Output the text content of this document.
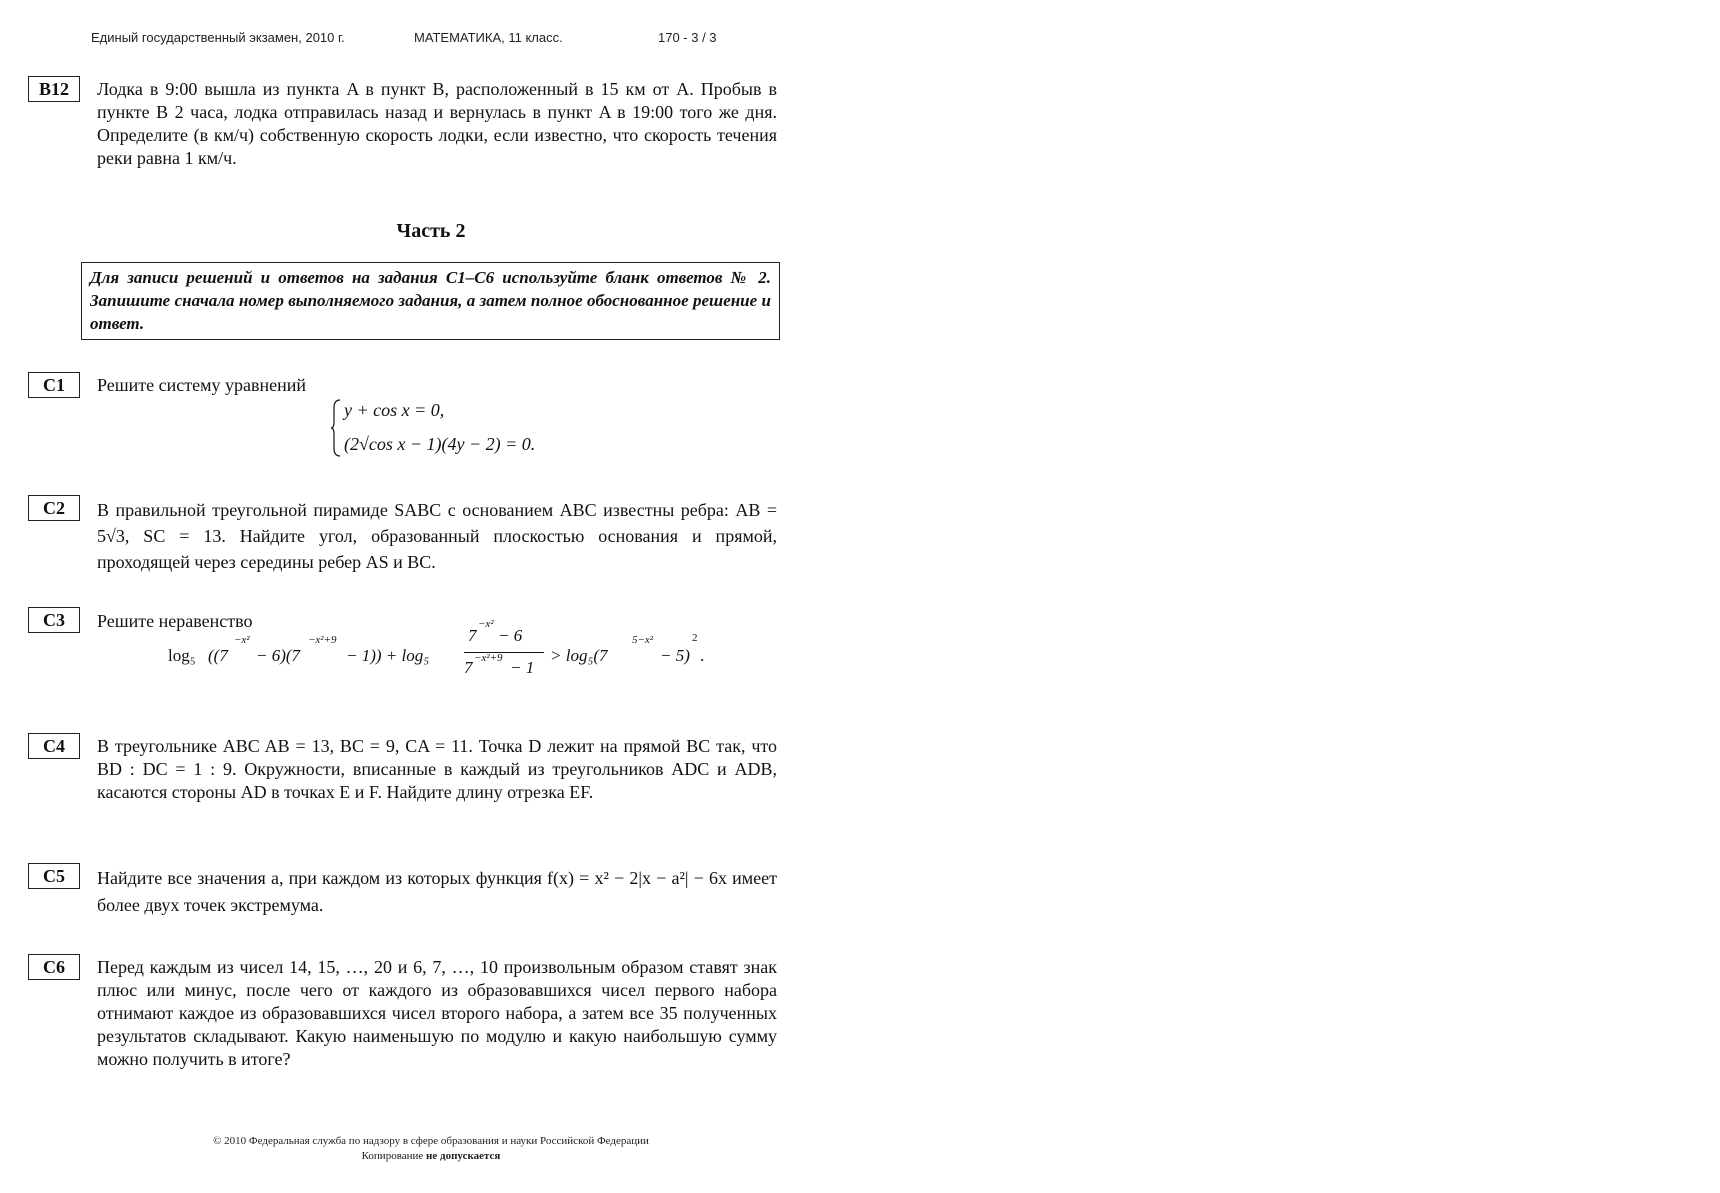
Единый государственный экзамен, 2010 г.	МАТЕМАТИКА, 11 класс.	170 - 3 / 3
B12	Лодка в 9:00 вышла из пункта A в пункт B, расположенный в 15 км от A. Пробыв в пункте B 2 часа, лодка отправилась назад и вернулась в пункт A в 19:00 того же дня. Определите (в км/ч) собственную скорость лодки, если известно, что скорость течения реки равна 1 км/ч.
Часть 2
Для записи решений и ответов на задания С1–С6 используйте бланк ответов № 2. Запишите сначала номер выполняемого задания, а затем полное обоснованное решение и ответ.
C1	Решите систему уравнений
y + cos x = 0,
(2√cos x − 1)(4y − 2) = 0.
C2	В правильной треугольной пирамиде SABC с основанием ABC известны ребра: AB = 5√3, SC = 13. Найдите угол, образованный плоскостью основания и прямой, проходящей через середины ребер AS и BC.
C3	Решите неравенство
log₅ ((7
−x²
− 6)(7
−x²+9
− 1)) + log₅
7
−x²
− 6
7 −x²+9 − 1
> log₅(7
5−x²
− 5)
2
.
C4	В треугольнике ABC AB = 13, BC = 9, CA = 11. Точка D лежит на прямой BC так, что BD : DC = 1 : 9. Окружности, вписанные в каждый из треугольников ADC и ADB, касаются стороны AD в точках E и F. Найдите длину отрезка EF.
C5	Найдите все значения a, при каждом из которых функция f(x) = x² − 2|x − a²| − 6x имеет более двух точек экстремума.
C6	Перед каждым из чисел 14, 15, …, 20 и 6, 7, …, 10 произвольным образом ставят знак плюс или минус, после чего от каждого из образовавшихся чисел первого набора отнимают каждое из образовавшихся чисел второго набора, а затем все 35 полученных результатов складывают. Какую наименьшую по модулю и какую наибольшую сумму можно получить в итоге?
© 2010 Федеральная служба по надзору в сфере образования и науки Российской Федерации
Копирование не допускается
